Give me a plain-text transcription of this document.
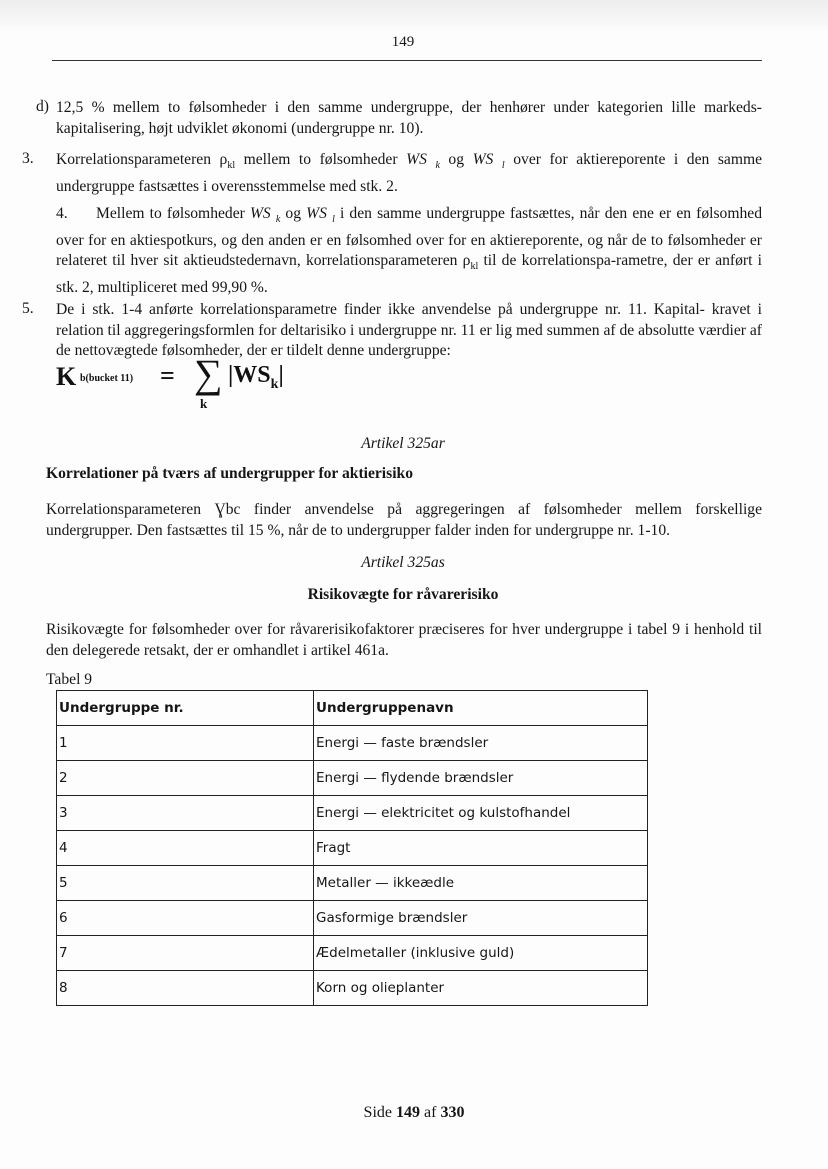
149
d) 12,5 % mellem to følsomheder i den samme undergruppe, der henhører under kategorien lille markeds-kapitalisering, højt udviklet økonomi (undergruppe nr. 10).
3. Korrelationsparameteren $\rho_{kl}$ mellem to følsomheder WS $_k$ og WS $_l$ over for aktiereporente i den samme undergruppe fastsættes i overensstemmelse med stk. 2.
4. Mellem to følsomheder WS $_k$ og WS $_l$ i den samme undergruppe fastsættes, når den ene er en følsomhed over for en aktiespotkurs, og den anden er en følsomhed over for en aktiereporente, og når de to følsomheder er relateret til hver sit aktieudstedernavn, korrelationsparameteren $\rho_{kl}$ til de korrelationspa-rametre, der er anført i stk. 2, multipliceret med 99,90 %.
5. De i stk. 1-4 anførte korrelationsparametre finder ikke anvendelse på undergruppe nr. 11. Kapital- kravet i relation til aggregeringsformlen for deltarisiko i undergruppe nr. 11 er lig med summen af de absolutte værdier af de nettovægtede følsomheder, der er tildelt denne undergruppe:
K b(bucket 11) = ∑
k
$|WS_k|$
Artikel 325ar
Korrelationer på tværs af undergrupper for aktierisiko
Korrelationsparameteren Ɣbc finder anvendelse på aggregeringen af følsomheder mellem forskellige undergrupper. Den fastsættes til 15 %, når de to undergrupper falder inden for undergruppe nr. 1-10.
Artikel 325as
Risikovægte for råvarerisiko
Risikovægte for følsomheder over for råvarerisikofaktorer præciseres for hver undergruppe i tabel 9 i henhold til den delegerede retsakt, der er omhandlet i artikel 461a.
Tabel 9
Undergruppe nr.	Undergruppenavn
1	Energi — faste brændsler
2	Energi — flydende brændsler
3	Energi — elektricitet og kulstofhandel
4	Fragt
5	Metaller — ikkeædle
6	Gasformige brændsler
7	Ædelmetaller (inklusive guld)
8	Korn og olieplanter
Side 149 af 330
